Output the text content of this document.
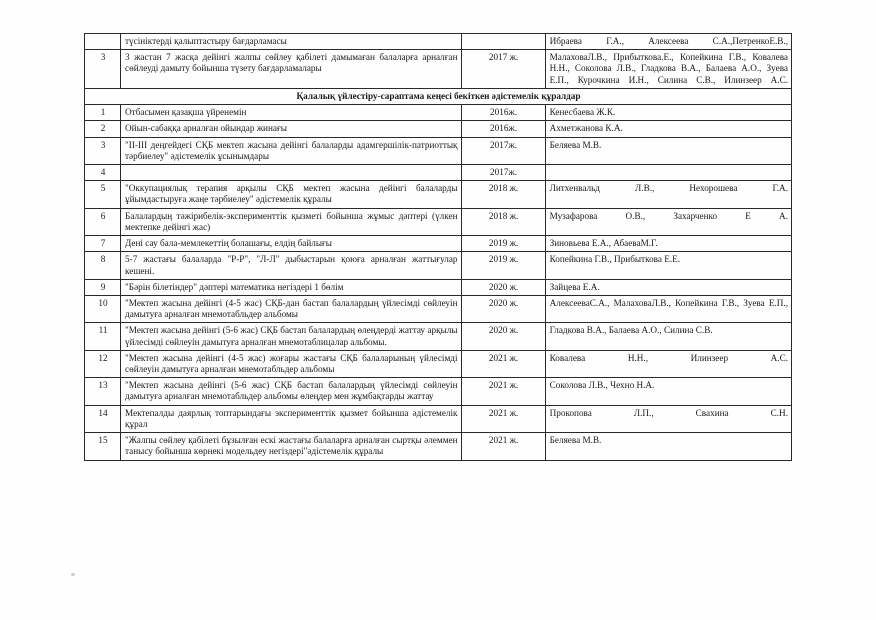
	түсініктерді қалыптастыру бағдарламасы		Ибраева Г.А., Алексеева С.А.,ПетренкоЕ.В.,
3	3 жастан 7 жасқа дейінгі жалпы сөйлеу қабілеті дамымаған балаларға арналған сөйлеуді дамыту бойынша түзету бағдарламалары	2017 ж.	МалаховаЛ.В., Прибыткова.Е., Копейкина Г.В., Ковалева Н.Н., Соколова Л.В., Гладкова В.А., Балаева А.О., Зуева Е.П., Курочкина И.Н., Силина С.В., Илинзеер А.С.
Қалалық үйлестіру-сараптама кеңесі бекіткен әдістемелік құралдар			
1	Отбасымен қазақша үйренемін	2016ж.	Кенесбаева Ж.К.
2	Ойын-сабаққа арналған ойындар жинағы	2016ж.	Ахметжанова К.А.
3	"II-III деңгейдегі СҚБ мектеп жасына дейінгі балаларды адамгершілік-патриоттық тәрбиелеу" әдістемелік ұсынымдары	2017ж.	Беляева М.В.
4		2017ж.	
5	"Оккупациялық терапия арқылы СҚБ мектеп жасына дейінгі балаларды ұйымдастыруға жаңе тәрбиелеу" әдістемелік құралы	2018 ж.	Литхенвальд Л.В., Нехорошева Г.А.
6	Балалардың тәжірибелік-эксперименттік қызметі бойынша жұмыс дәптері (үлкен мектепке дейінгі жас)	2018 ж.	Музафарова О.В., Захарченко Е А.
7	Дені сау бала-мемлекеттің болашағы, елдің байлығы	2019 ж.	Зиновьева Е.А., АбаеваМ.Г.
8	5-7 жастағы балаларда "Р-Р", "Л-Л" дыбыстарын қоюға арналған жаттығулар кешені.	2019 ж.	Копейкина Г.В., Прибыткова Е.Е.
9	"Бәрін білетіндер" дәптері математика негіздері 1 бөлім	2020 ж.	Зайцева Е.А.
10	"Мектеп жасына дейінгі (4-5 жас) СҚБ-дан бастап балалардың үйлесімді сөйлеуін дамытуға арналған мнемотабльдер альбомы	2020 ж.	АлексееваС.А., МалаховаЛ.В., Копейкина Г.В., Зуева Е.П.,
11	"Мектеп жасына дейінгі (5-6 жас) СҚБ бастап балалардың өлеңдерді жаттау арқылы үйлесімді сөйлеуін дамытуға арналған мнемотаблицалар альбомы.	2020 ж.	Гладкова В.А., Балаева А.О., Силина С.В.
12	"Мектеп жасына дейінгі (4-5 жас) жоғары жастағы СҚБ балаларының үйлесімді сөйлеуін дамытуға арналған мнемотабльдер альбомы	2021 ж.	Ковалева Н.Н., Илинзеер А.С.
13	"Мектеп жасына дейінгі (5-6 жас) СҚБ бастап балалардың үйлесімді сөйлеуін дамытуға арналған мнемотабльдер альбомы өлеңдер мен жұмбақтарды жаттау	2021 ж.	Соколова Л.В., Чехно Н.А.
14	Мектепалды даярлық топтарындағы эксперименттік қызмет бойынша әдістемелік құрал	2021 ж.	Прокопова Л.П., Свахина С.Н.
15	"Жалпы сөйлеу қабілеті бұзылған ескі жастағы балаларға арналған сыртқы әлеммен танысу бойынша көрнекі модельдеу негіздері"әдістемелік құралы	2021 ж.	Беляева М.В.
